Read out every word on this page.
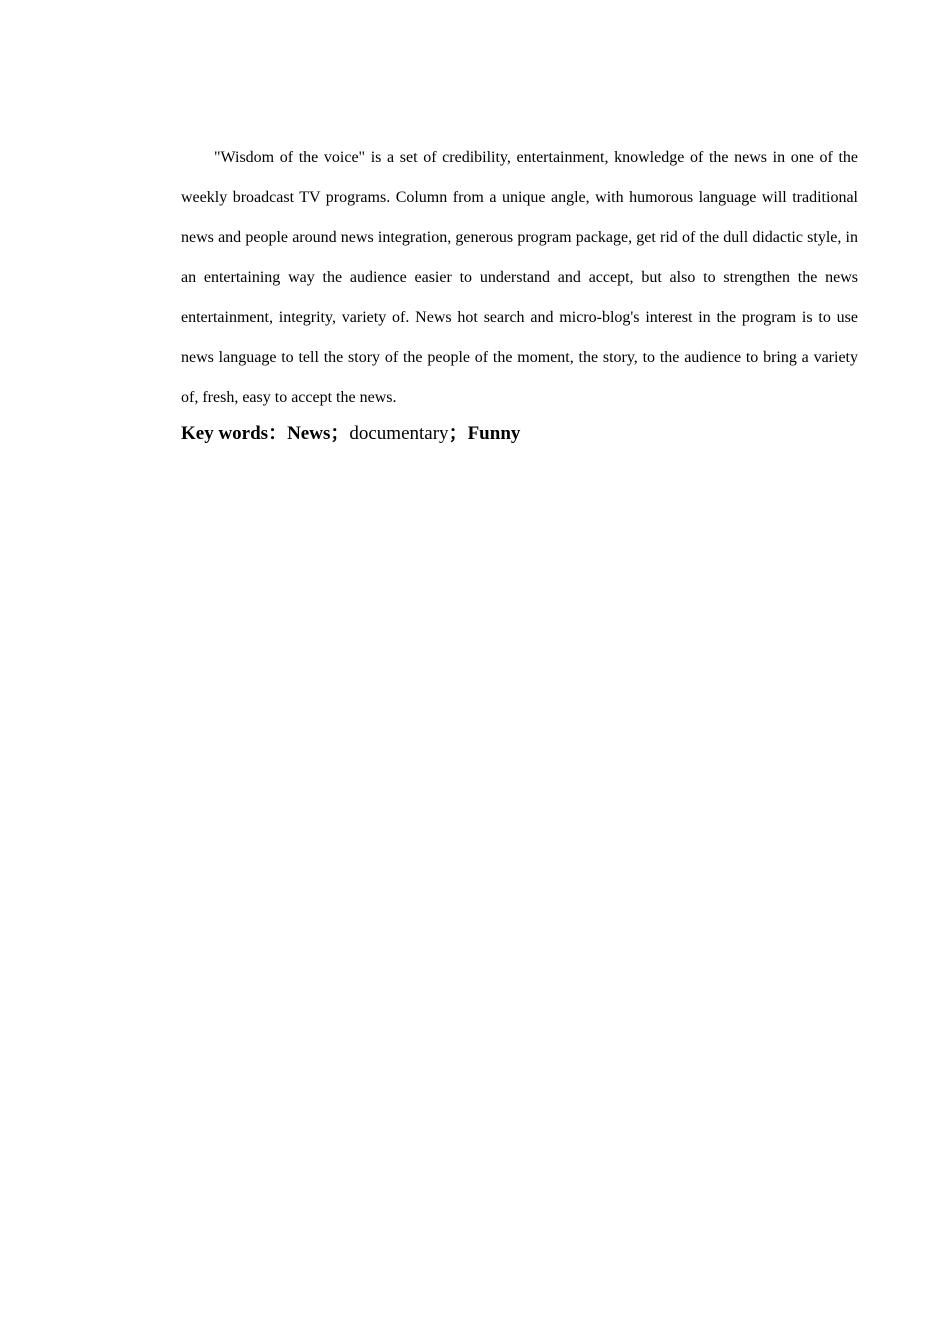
"Wisdom of the voice" is a set of credibility, entertainment, knowledge of the news in one of the weekly broadcast TV programs. Column from a unique angle, with humorous language will traditional news and people around news integration, generous program package, get rid of the dull didactic style, in an entertaining way the audience easier to understand and accept, but also to strengthen the news entertainment, integrity, variety of. News hot search and micro-blog's interest in the program is to use news language to tell the story of the people of the moment, the story, to the audience to bring a variety of, fresh, easy to accept the news.

Key words：News；documentary；Funny
